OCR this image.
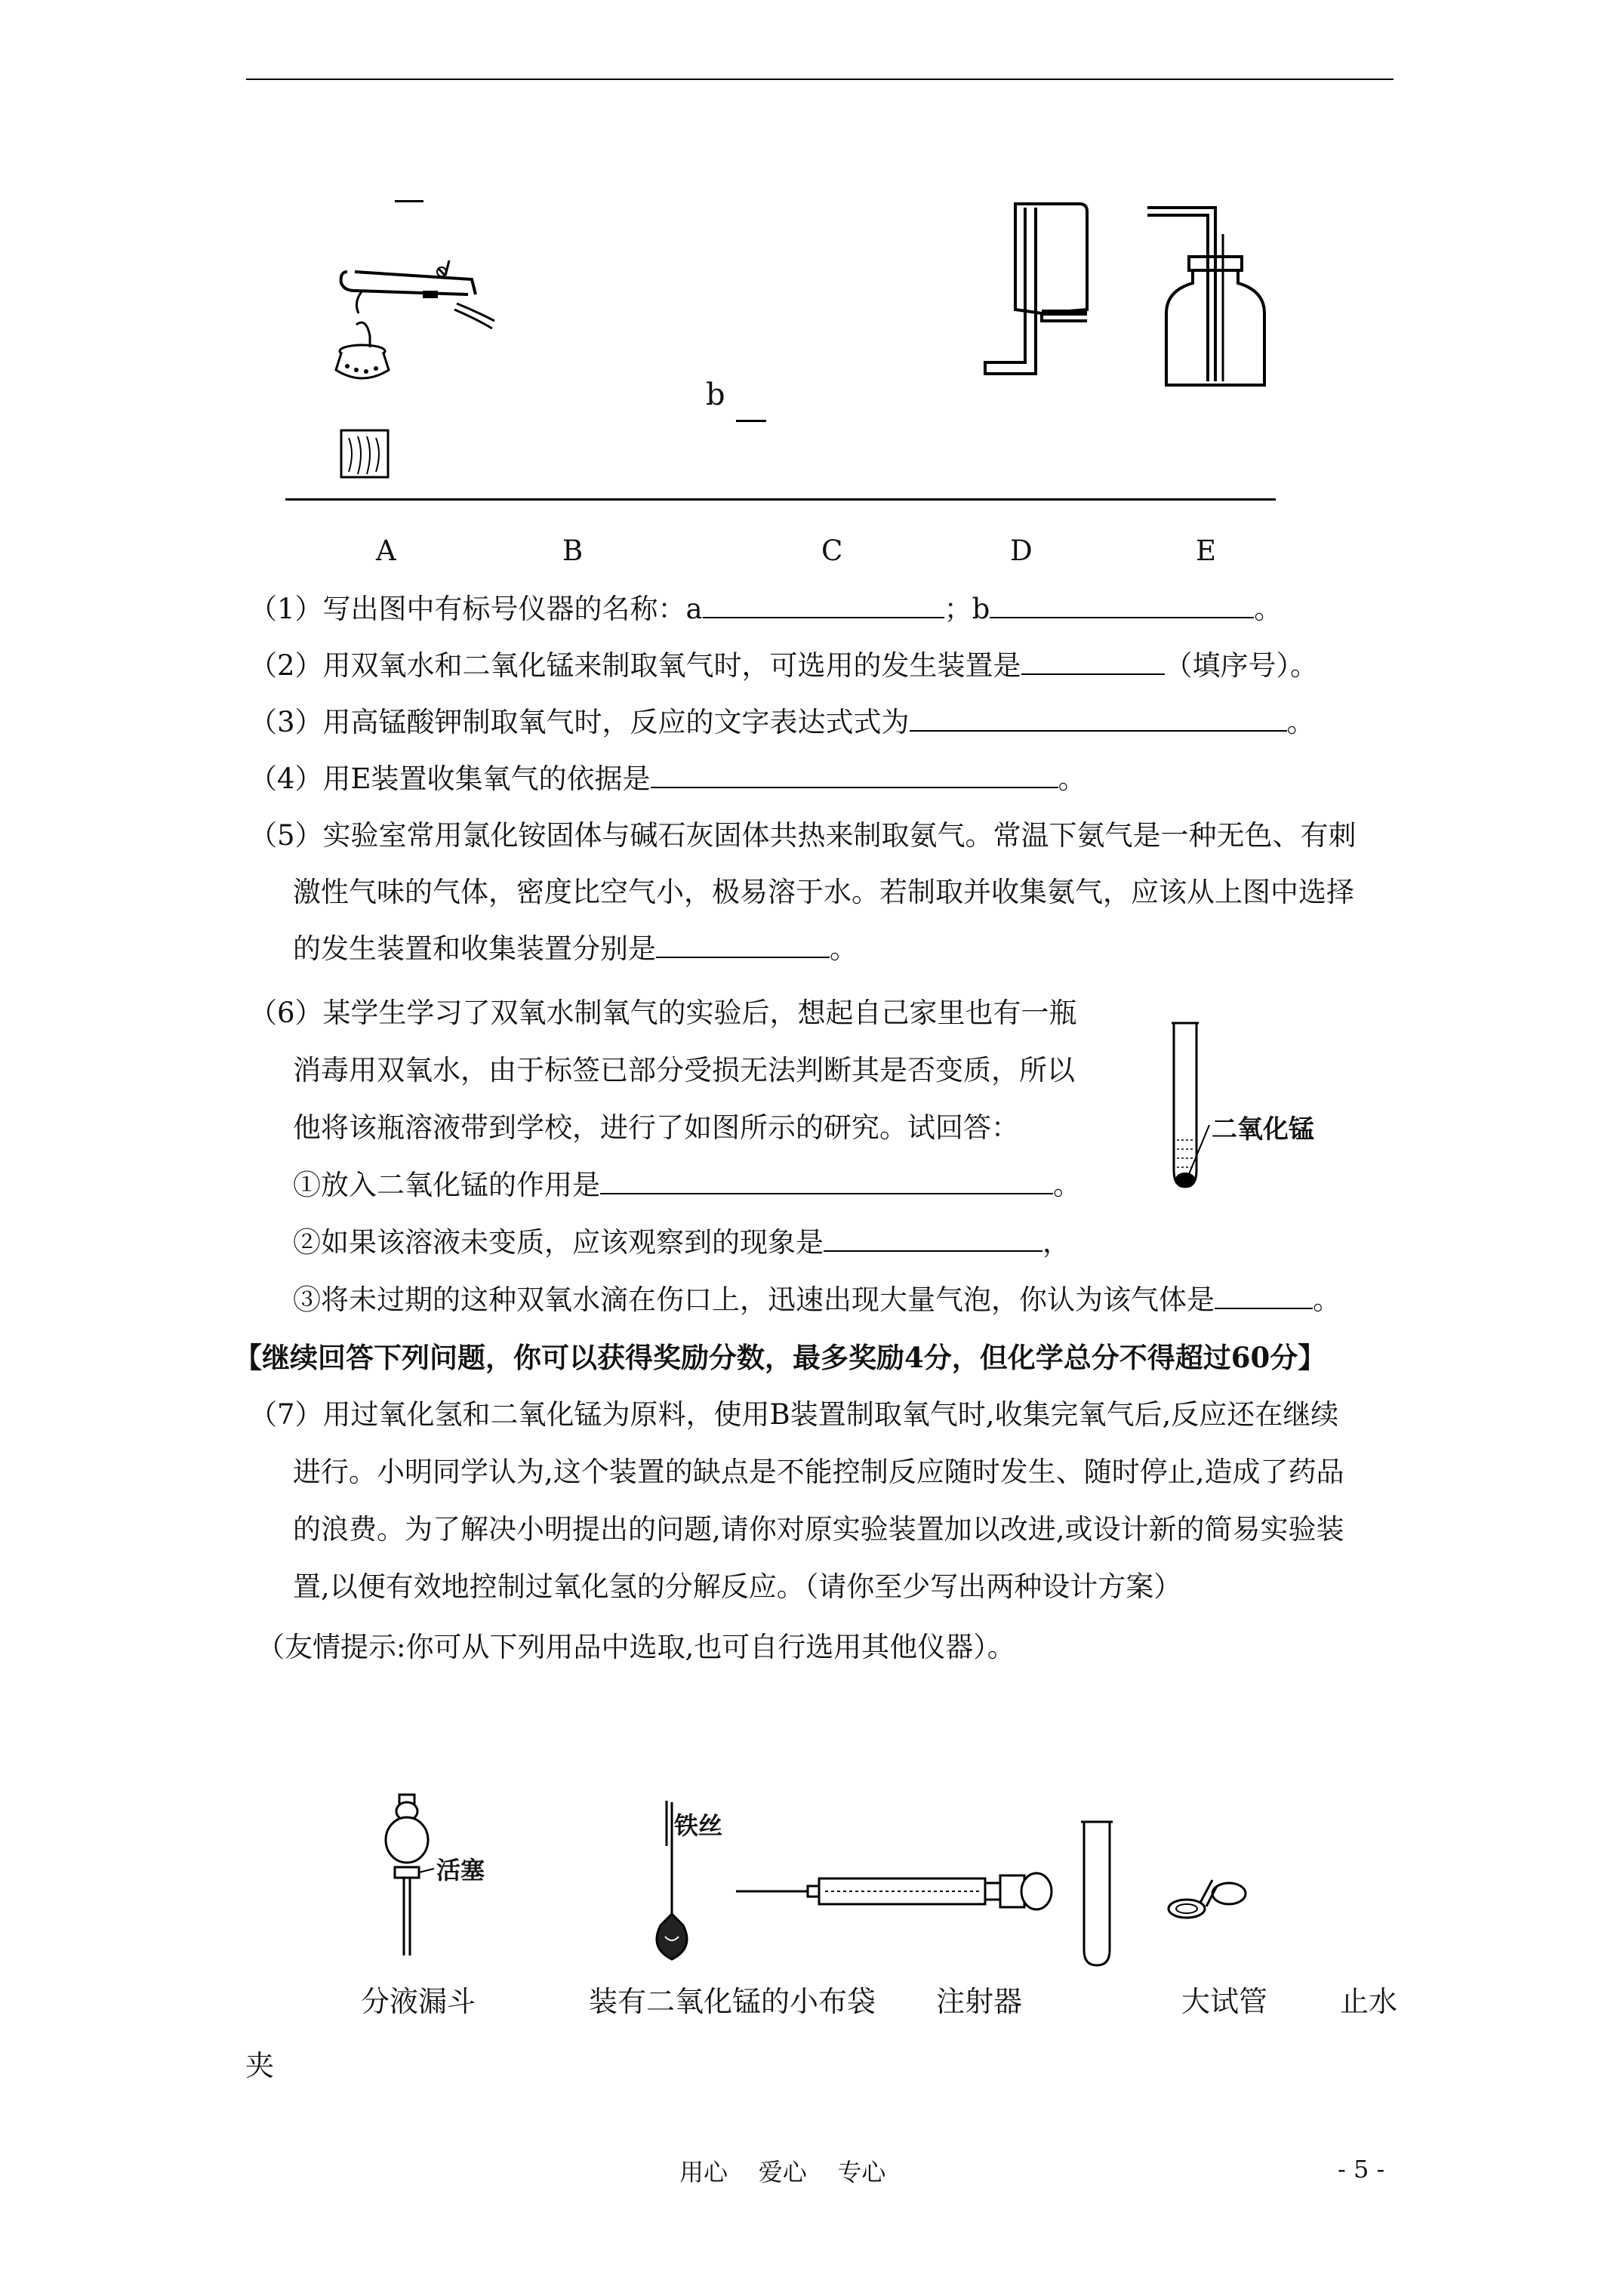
b
A	B	C	D	E
（1）写出图中有标号仪器的名称：a	；b	。
（2）用双氧水和二氧化锰来制取氧气时，可选用的发生装置是	（填序号）。
（3）用高锰酸钾制取氧气时，反应的文字表达式式为	。
（4）用E装置收集氧气的依据是	。
（5）实验室常用氯化铵固体与碱石灰固体共热来制取氨气。常温下氨气是一种无色、有刺
激性气味的气体，密度比空气小，极易溶于水。若制取并收集氨气，应该从上图中选择
的发生装置和收集装置分别是	。
（6）某学生学习了双氧水制氧气的实验后，想起自己家里也有一瓶
消毒用双氧水，由于标签已部分受损无法判断其是否变质，所以
他将该瓶溶液带到学校，进行了如图所示的研究。试回答：
①放入二氧化锰的作用是	。
②如果该溶液未变质，应该观察到的现象是	，
③将未过期的这种双氧水滴在伤口上，迅速出现大量气泡，你认为该气体是	。
二氧化锰
【继续回答下列问题，你可以获得奖励分数，最多奖励4分，但化学总分不得超过60分】
（7）用过氧化氢和二氧化锰为原料，使用B装置制取氧气时,收集完氧气后,反应还在继续
进行。小明同学认为,这个装置的缺点是不能控制反应随时发生、随时停止,造成了药品
的浪费。为了解决小明提出的问题,请你对原实验装置加以改进,或设计新的简易实验装
置,以便有效地控制过氧化氢的分解反应。（请你至少写出两种设计方案）
（友情提示:你可从下列用品中选取,也可自行选用其他仪器）。
活塞
铁丝
分液漏斗	装有二氧化锰的小布袋 注射器	大试管	止水
夹
用心    爱心    专心	- 5 -
